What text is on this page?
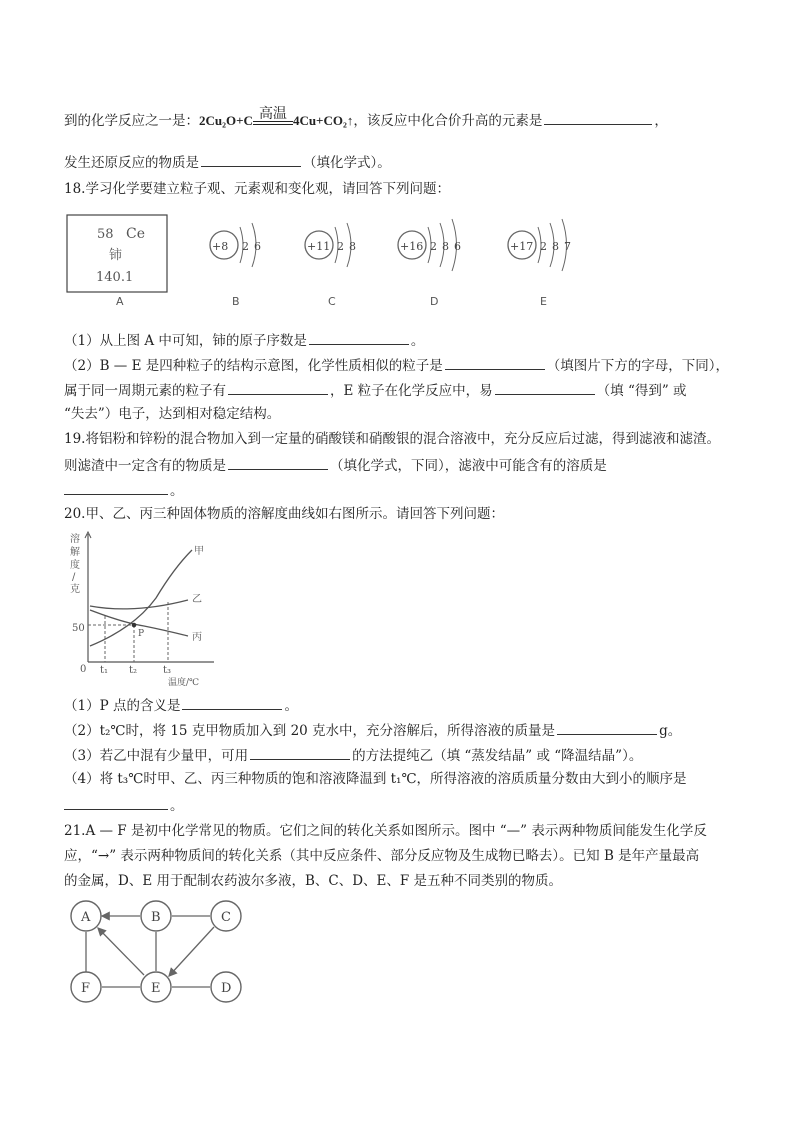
到的化学反应之一是：2Cu₂O+C 高温 4Cu+CO₂↑，该反应中化合价升高的元素是	，
发生还原反应的物质是	（填化学式）。
18.学习化学要建立粒子观、元素观和变化观，请回答下列问题：
58 Ce
铈
140.1
A
+8 2 6
B
+11 2 8
C
+16 2 8 6
D
+17 2 8 7
E
（1）从上图 A 中可知，铈的原子序数是	。
（2）B — E 是四种粒子的结构示意图，化学性质相似的粒子是	（填图片下方的字母，下同），
属于同一周期元素的粒子有	，E 粒子在化学反应中，易	（填 “得到” 或
“失去”）电子，达到相对稳定结构。
19.将铝粉和锌粉的混合物加入到一定量的硝酸镁和硝酸银的混合溶液中，充分反应后过滤，得到滤液和滤渣。
则滤渣中一定含有的物质是	（填化学式，下同），滤液中可能含有的溶质是
。
20.甲、乙、丙三种固体物质的溶解度曲线如右图所示。请回答下列问题：
溶
解
度
/
克
50
0
P
甲
乙
丙
t₁ t₂	t₃
温度/℃
（1）P 点的含义是	。
（2）t₂℃时，将 15 克甲物质加入到 20 克水中，充分溶解后，所得溶液的质量是	g。
（3）若乙中混有少量甲，可用	的方法提纯乙（填 “蒸发结晶” 或 “降温结晶”）。
（4）将 t₃℃时甲、乙、丙三种物质的饱和溶液降温到 t₁℃，所得溶液的溶质质量分数由大到小的顺序是
。
21.A — F 是初中化学常见的物质。它们之间的转化关系如图所示。图中 “—” 表示两种物质间能发生化学反
应，“→” 表示两种物质间的转化关系（其中反应条件、部分反应物及生成物已略去）。已知 B 是年产量最高
的金属，D、E 用于配制农药波尔多液，B、C、D、E、F 是五种不同类别的物质。
A	B	C
F	E	D
